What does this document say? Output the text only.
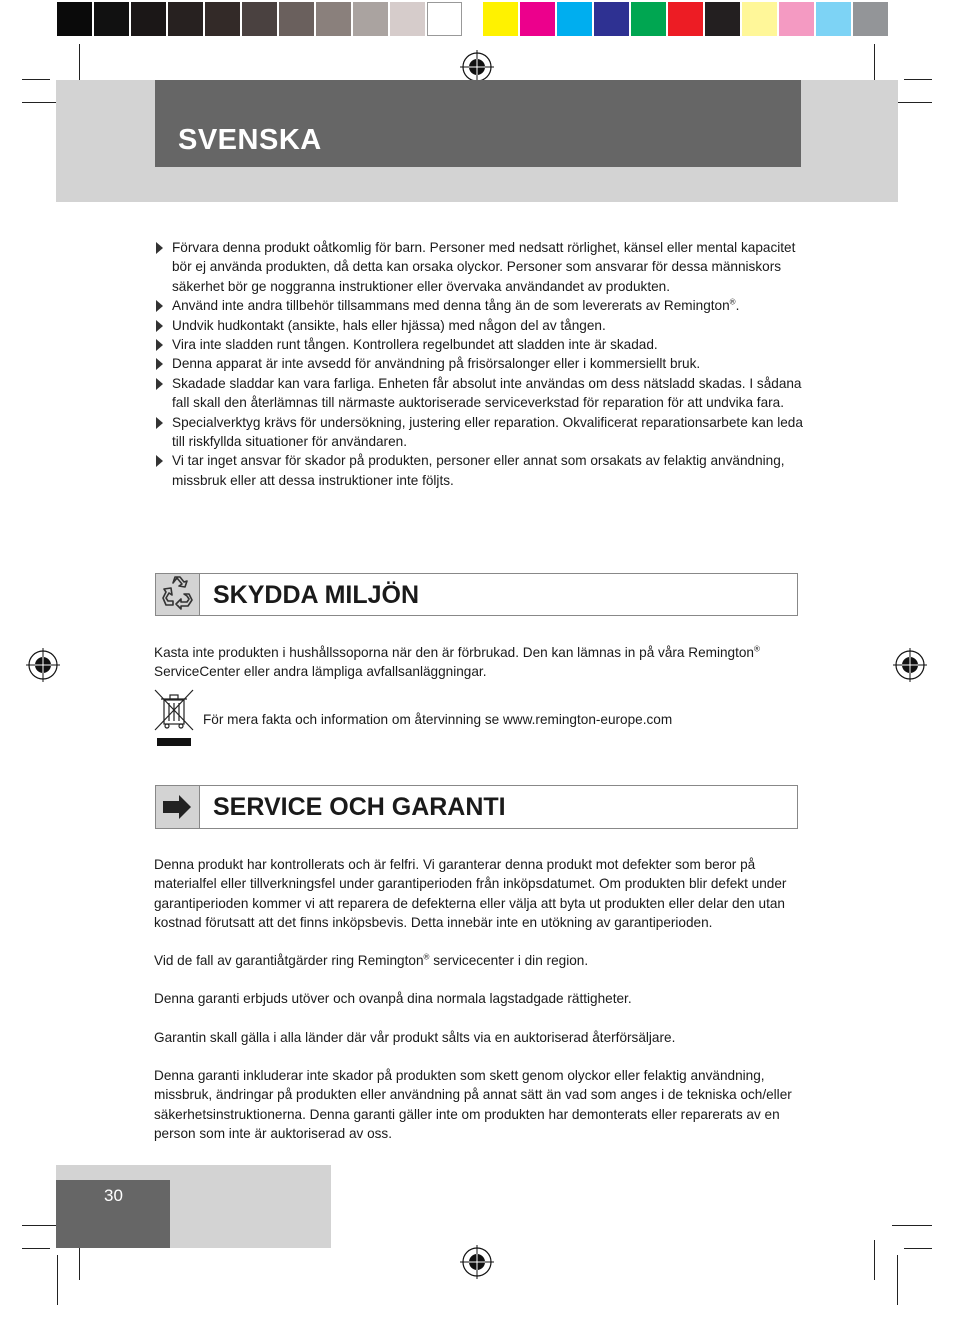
SVENSKA

Förvara denna produkt oåtkomlig för barn. Personer med nedsatt rörlighet, känsel eller mental kapacitet bör ej använda produkten, då detta kan orsaka olyckor. Personer som ansvarar för dessa människors säkerhet bör ge noggranna instruktioner eller övervaka användandet av produkten.

Använd inte andra tillbehör tillsammans med denna tång än de som levererats av Remington®.

Undvik hudkontakt (ansikte, hals eller hjässa) med någon del av tången.

Vira inte sladden runt tången. Kontrollera regelbundet att sladden inte är skadad.

Denna apparat är inte avsedd för användning på frisörsalonger eller i kommersiellt bruk.

Skadade sladdar kan vara farliga. Enheten får absolut inte användas om dess nätsladd skadas. I sådana fall skall den återlämnas till närmaste auktoriserade serviceverkstad för reparation för att undvika fara.

Specialverktyg krävs för undersökning, justering eller reparation. Okvalificerat reparationsarbete kan leda till riskfyllda situationer för användaren.

Vi tar inget ansvar för skador på produkten, personer eller annat som orsakats av felaktig användning, missbruk eller att dessa instruktioner inte följts.

SKYDDA MILJÖN

Kasta inte produkten i hushållssoporna när den är förbrukad. Den kan lämnas in på våra Remington® ServiceCenter eller andra lämpliga avfallsanläggningar.

För mera fakta och information om återvinning se www.remington-europe.com

SERVICE OCH GARANTI

Denna produkt har kontrollerats och är felfri. Vi garanterar denna produkt mot defekter som beror på materialfel eller tillverkningsfel under garantiperioden från inköpsdatumet. Om produkten blir defekt under garantiperioden kommer vi att reparera de defekterna eller välja att byta ut produkten eller delar den utan kostnad förutsatt att det finns inköpsbevis. Detta innebär inte en utökning av garantiperioden.

Vid de fall av garantiåtgärder ring Remington® servicecenter i din region.

Denna garanti erbjuds utöver och ovanpå dina normala lagstadgade rättigheter.

Garantin skall gälla i alla länder där vår produkt sålts via en auktoriserad återförsäljare.

Denna garanti inkluderar inte skador på produkten som skett genom olyckor eller felaktig användning, missbruk, ändringar på produkten eller användning på annat sätt än vad som anges i de tekniska och/eller säkerhetsinstruktionerna. Denna garanti gäller inte om produkten har demonterats eller reparerats av en person som inte är auktoriserad av oss.

30
